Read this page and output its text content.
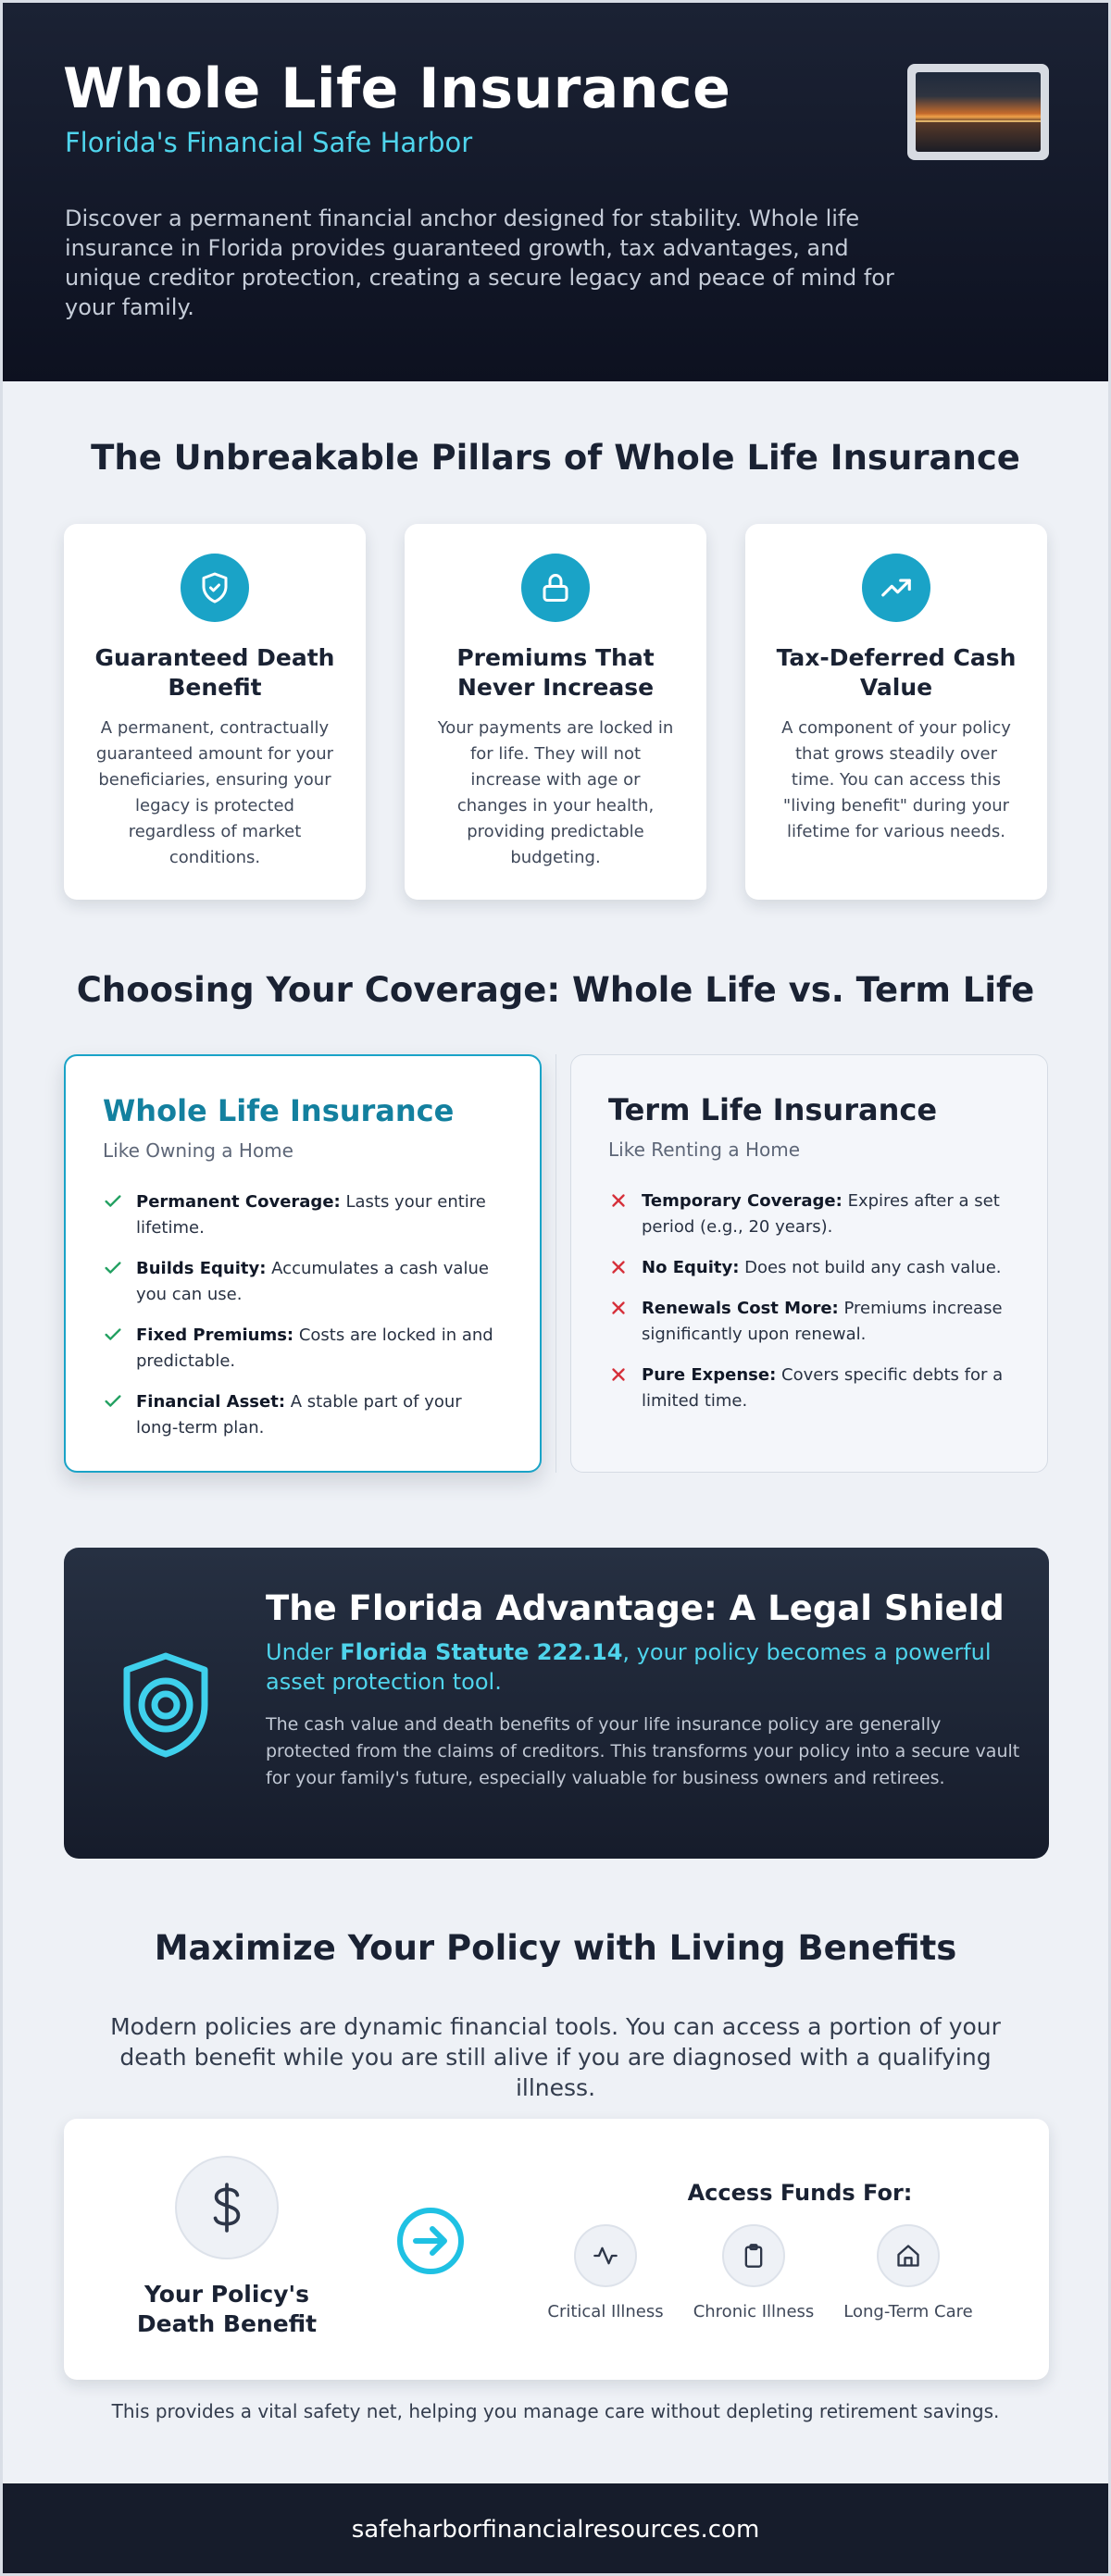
Whole Life Insurance
Florida's Financial Safe Harbor

Discover a permanent financial anchor designed for stability. Whole life insurance in Florida provides guaranteed growth, tax advantages, and unique creditor protection, creating a secure legacy and peace of mind for your family.

The Unbreakable Pillars of Whole Life Insurance
Guaranteed Death Benefit

A permanent, contractually guaranteed amount for your beneficiaries, ensuring your legacy is protected regardless of market conditions.

Premiums That Never Increase

Your payments are locked in for life. They will not increase with age or changes in your health, providing predictable budgeting.

Tax-Deferred Cash Value

A component of your policy that grows steadily over time. You can access this "living benefit" during your lifetime for various needs.

Choosing Your Coverage: Whole Life vs. Term Life
Whole Life Insurance
Like Owning a Home
Permanent Coverage: Lasts your entire lifetime.
Builds Equity: Accumulates a cash value you can use.
Fixed Premiums: Costs are locked in and predictable.
Financial Asset: A stable part of your long-term plan.
Term Life Insurance
Like Renting a Home
Temporary Coverage: Expires after a set period (e.g., 20 years).
No Equity: Does not build any cash value.
Renewals Cost More: Premiums increase significantly upon renewal.
Pure Expense: Covers specific debts for a limited time.
The Florida Advantage: A Legal Shield
Under Florida Statute 222.14, your policy becomes a powerful asset protection tool.

The cash value and death benefits of your life insurance policy are generally protected from the claims of creditors. This transforms your policy into a secure vault for your family's future, especially valuable for business owners and retirees.

Maximize Your Policy with Living Benefits

Modern policies are dynamic financial tools. You can access a portion of your death benefit while you are still alive if you are diagnosed with a qualifying illness.

Your Policy's Death Benefit
Access Funds For:
Critical Illness	Chronic Illness	Long-Term Care

This provides a vital safety net, helping you manage care without depleting retirement savings.

safeharborfinancialresources.com
